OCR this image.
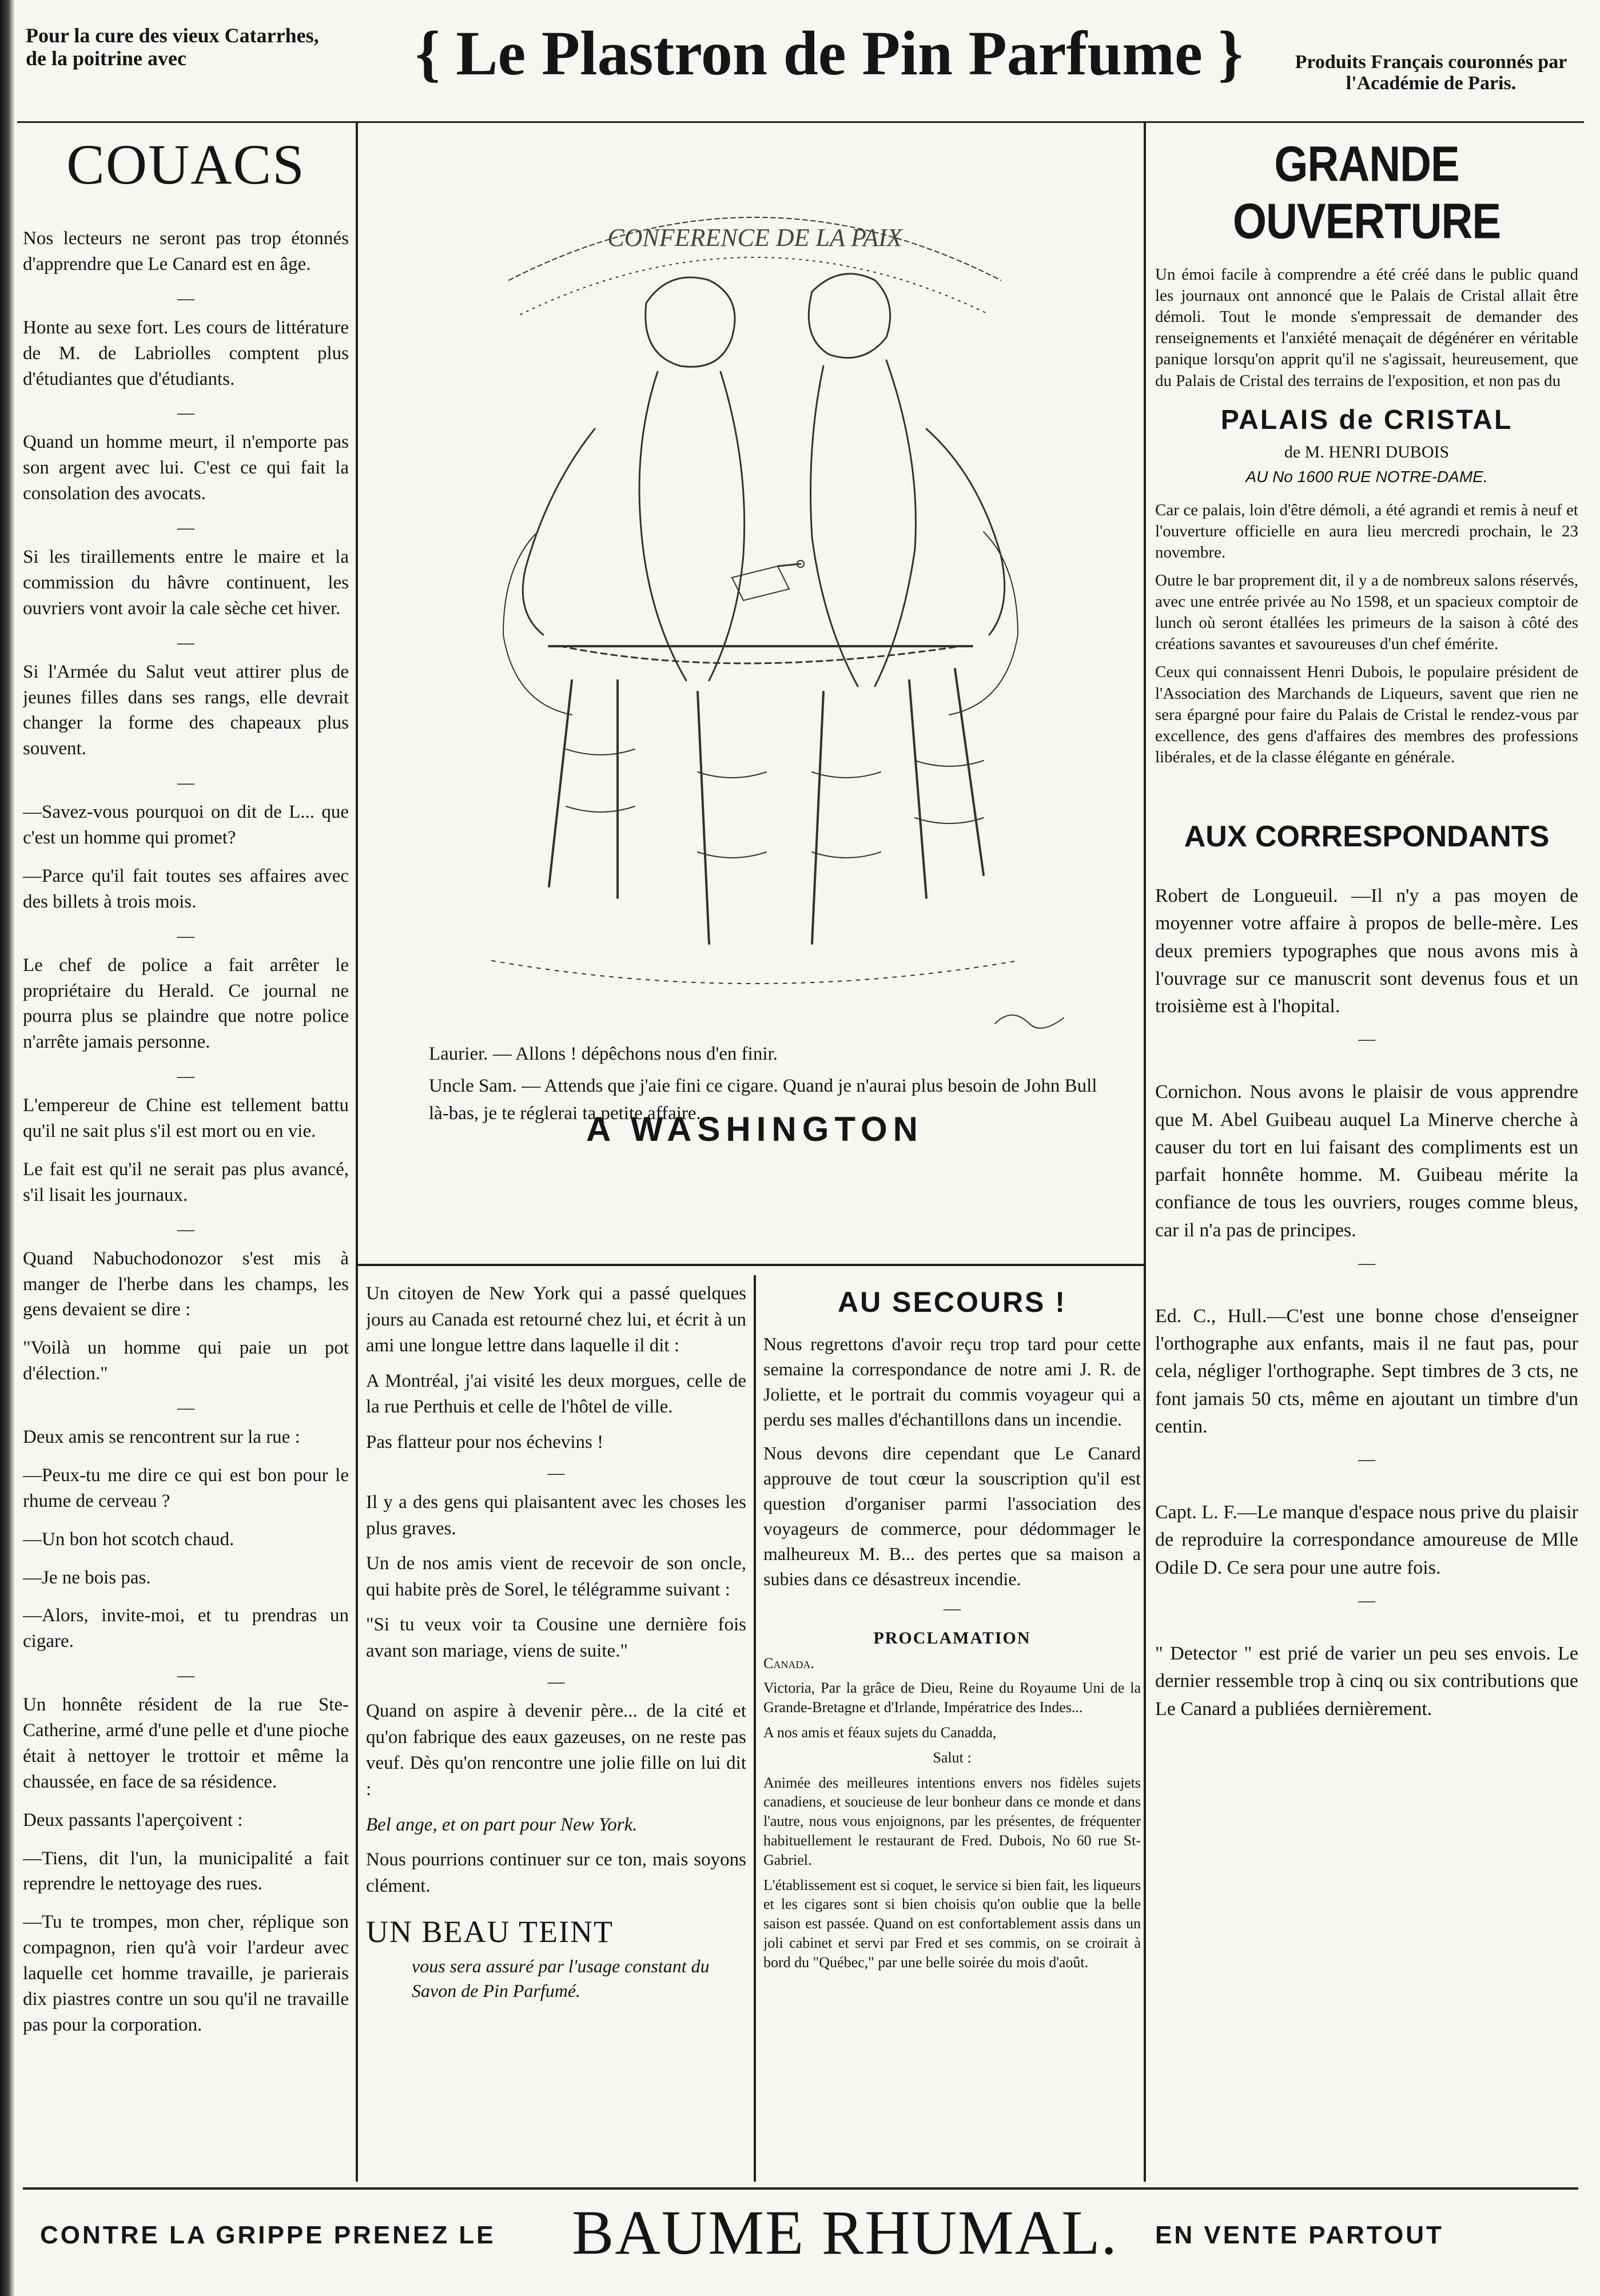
Pour la cure des vieux Catarrhes,
de la poitrine avec	{ Le Plastron de Pin Parfume }	Produits Français couronnés par l'Académie de Paris.
COUACS

Nos lecteurs ne seront pas trop étonnés d'apprendre que Le Canard est en âge.

—

Honte au sexe fort. Les cours de littérature de M. de Labriolles comptent plus d'étudiantes que d'étudiants.

—

Quand un homme meurt, il n'emporte pas son argent avec lui. C'est ce qui fait la consolation des avocats.

—

Si les tiraillements entre le maire et la commission du hâvre continuent, les ouvriers vont avoir la cale sèche cet hiver.

—

Si l'Armée du Salut veut attirer plus de jeunes filles dans ses rangs, elle devrait changer la forme des chapeaux plus souvent.

—

—Savez-vous pourquoi on dit de L... que c'est un homme qui promet?

—Parce qu'il fait toutes ses affaires avec des billets à trois mois.

—

Le chef de police a fait arrêter le propriétaire du Herald. Ce journal ne pourra plus se plaindre que notre police n'arrête jamais personne.

—

L'empereur de Chine est tellement battu qu'il ne sait plus s'il est mort ou en vie.

Le fait est qu'il ne serait pas plus avancé, s'il lisait les journaux.

—

Quand Nabuchodonozor s'est mis à manger de l'herbe dans les champs, les gens devaient se dire :

"Voilà un homme qui paie un pot d'élection."

—

Deux amis se rencontrent sur la rue :

—Peux-tu me dire ce qui est bon pour le rhume de cerveau ?

—Un bon hot scotch chaud.

—Je ne bois pas.

—Alors, invite-moi, et tu prendras un cigare.

—

Un honnête résident de la rue Ste-Catherine, armé d'une pelle et d'une pioche était à nettoyer le trottoir et même la chaussée, en face de sa résidence.

Deux passants l'aperçoivent :

—Tiens, dit l'un, la municipalité a fait reprendre le nettoyage des rues.

—Tu te trompes, mon cher, réplique son compagnon, rien qu'à voir l'ardeur avec laquelle cet homme travaille, je parierais dix piastres contre un sou qu'il ne travaille pas pour la corporation.

CONFERENCE DE LA PAIX
A WASHINGTON

Laurier. — Allons ! dépêchons nous d'en finir.

Uncle Sam. — Attends que j'aie fini ce cigare. Quand je n'aurai plus besoin de John Bull là-bas, je te réglerai ta petite affaire.

Un citoyen de New York qui a passé quelques jours au Canada est retourné chez lui, et écrit à un ami une longue lettre dans laquelle il dit :

A Montréal, j'ai visité les deux morgues, celle de la rue Perthuis et celle de l'hôtel de ville.

Pas flatteur pour nos échevins !

—

Il y a des gens qui plaisantent avec les choses les plus graves.

Un de nos amis vient de recevoir de son oncle, qui habite près de Sorel, le télégramme suivant :

"Si tu veux voir ta Cousine une dernière fois avant son mariage, viens de suite."

—

Quand on aspire à devenir père... de la cité et qu'on fabrique des eaux gazeuses, on ne reste pas veuf. Dès qu'on rencontre une jolie fille on lui dit :

Bel ange, et on part pour New York.

Nous pourrions continuer sur ce ton, mais soyons clément.

UN BEAU TEINT
vous sera assuré par l'usage constant du Savon de Pin Parfumé.
AU SECOURS !

Nous regrettons d'avoir reçu trop tard pour cette semaine la correspondance de notre ami J. R. de Joliette, et le portrait du commis voyageur qui a perdu ses malles d'échantillons dans un incendie.

Nous devons dire cependant que Le Canard approuve de tout cœur la souscription qu'il est question d'organiser parmi l'association des voyageurs de commerce, pour dédommager le malheureux M. B... des pertes que sa maison a subies dans ce désastreux incendie.

—
PROCLAMATION

Canada.

Victoria, Par la grâce de Dieu, Reine du Royaume Uni de la Grande-Bretagne et d'Irlande, Impératrice des Indes...

A nos amis et féaux sujets du Canadda,

Salut :

Animée des meilleures intentions envers nos fidèles sujets canadiens, et soucieuse de leur bonheur dans ce monde et dans l'autre, nous vous enjoignons, par les présentes, de fréquenter habituellement le restaurant de Fred. Dubois, No 60 rue St-Gabriel.

L'établissement est si coquet, le service si bien fait, les liqueurs et les cigares sont si bien choisis qu'on oublie que la belle saison est passée. Quand on est confortablement assis dans un joli cabinet et servi par Fred et ses commis, on se croirait à bord du "Québec," par une belle soirée du mois d'août.

GRANDE OUVERTURE

Un émoi facile à comprendre a été créé dans le public quand les journaux ont annoncé que le Palais de Cristal allait être démoli. Tout le monde s'empressait de demander des renseignements et l'anxiété menaçait de dégénérer en véritable panique lorsqu'on apprit qu'il ne s'agissait, heureusement, que du Palais de Cristal des terrains de l'exposition, et non pas du

PALAIS de CRISTAL
de M. HENRI DUBOIS
AU No 1600 RUE NOTRE-DAME.

Car ce palais, loin d'être démoli, a été agrandi et remis à neuf et l'ouverture officielle en aura lieu mercredi prochain, le 23 novembre.

Outre le bar proprement dit, il y a de nombreux salons réservés, avec une entrée privée au No 1598, et un spacieux comptoir de lunch où seront étallées les primeurs de la saison à côté des créations savantes et savoureuses d'un chef émérite.

Ceux qui connaissent Henri Dubois, le populaire président de l'Association des Marchands de Liqueurs, savent que rien ne sera épargné pour faire du Palais de Cristal le rendez-vous par excellence, des gens d'affaires des membres des professions libérales, et de la classe élégante en générale.

AUX CORRESPONDANTS

Robert de Longueuil. —Il n'y a pas moyen de moyenner votre affaire à propos de belle-mère. Les deux premiers typographes que nous avons mis à l'ouvrage sur ce manuscrit sont devenus fous et un troisième est à l'hopital.

—

Cornichon. Nous avons le plaisir de vous apprendre que M. Abel Guibeau auquel La Minerve cherche à causer du tort en lui faisant des compliments est un parfait honnête homme. M. Guibeau mérite la confiance de tous les ouvriers, rouges comme bleus, car il n'a pas de principes.

—

Ed. C., Hull.—C'est une bonne chose d'enseigner l'orthographe aux enfants, mais il ne faut pas, pour cela, négliger l'orthographe. Sept timbres de 3 cts, ne font jamais 50 cts, même en ajoutant un timbre d'un centin.

—

Capt. L. F.—Le manque d'espace nous prive du plaisir de reproduire la correspondance amoureuse de Mlle Odile D. Ce sera pour une autre fois.

—

" Detector " est prié de varier un peu ses envois. Le dernier ressemble trop à cinq ou six contributions que Le Canard a publiées dernièrement.

CONTRE LA GRIPPE PRENEZ LE BAUME RHUMAL. EN VENTE PARTOUT
